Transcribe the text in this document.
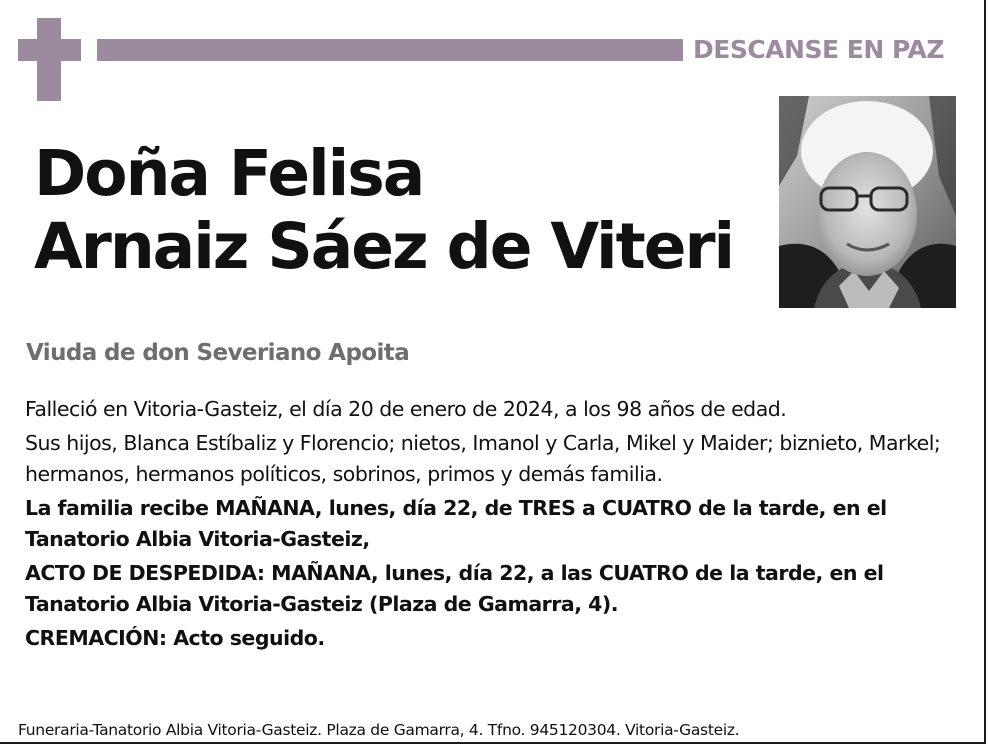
DESCANSE EN PAZ
Doña Felisa
Arnaiz Sáez de Viteri
Viuda de don Severiano Apoita

Falleció en Vitoria-Gasteiz, el día 20 de enero de 2024, a los 98 años de edad.

Sus hijos, Blanca Estíbaliz y Florencio; nietos, Imanol y Carla, Mikel y Maider; biznieto, Markel; hermanos, hermanos políticos, sobrinos, primos y demás familia.

La familia recibe MAÑANA, lunes, día 22, de TRES a CUATRO de la tarde, en el Tanatorio Albia Vitoria-Gasteiz,

ACTO DE DESPEDIDA: MAÑANA, lunes, día 22, a las CUATRO de la tarde, en el Tanatorio Albia Vitoria-Gasteiz (Plaza de Gamarra, 4).

CREMACIÓN: Acto seguido.

Funeraria-Tanatorio Albia Vitoria-Gasteiz. Plaza de Gamarra, 4. Tfno. 945120304. Vitoria-Gasteiz.
